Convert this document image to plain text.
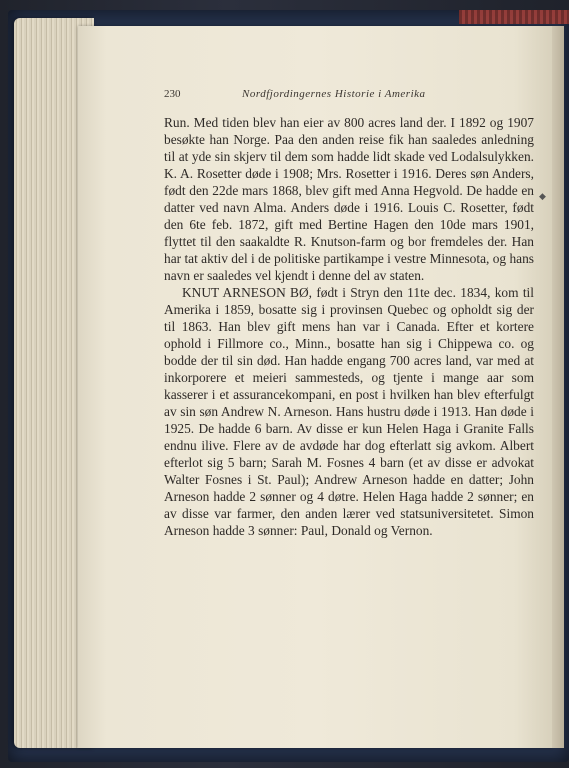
230	Nordfjordingernes Historie i Amerika

Run. Med tiden blev han eier av 800 acres land der. I 1892 og 1907 besøkte han Norge. Paa den anden reise fik han saaledes anledning til at yde sin skjerv til dem som hadde lidt skade ved Lodalsulykken. K. A. Rosetter døde i 1908; Mrs. Rosetter i 1916. Deres søn Anders, født den 22de mars 1868, blev gift med Anna Hegvold. De hadde en datter ved navn Alma. Anders døde i 1916. Louis C. Rosetter, født den 6te feb. 1872, gift med Bertine Hagen den 10de mars 1901, flyttet til den saakaldte R. Knutson-farm og bor fremdeles der. Han har tat aktiv del i de politiske partikampe i vestre Minnesota, og hans navn er saaledes vel kjendt i denne del av staten.

KNUT ARNESON BØ, født i Stryn den 11te dec. 1834, kom til Amerika i 1859, bosatte sig i provinsen Quebec og opholdt sig der til 1863. Han blev gift mens han var i Canada. Efter et kortere ophold i Fillmore co., Minn., bosatte han sig i Chippewa co. og bodde der til sin død. Han hadde engang 700 acres land, var med at inkorporere et meieri sammesteds, og tjente i mange aar som kasserer i et assurancekompani, en post i hvilken han blev efterfulgt av sin søn Andrew N. Arneson. Hans hustru døde i 1913. Han døde i 1925. De hadde 6 barn. Av disse er kun Helen Haga i Granite Falls endnu ilive. Flere av de avdøde har dog efterlatt sig avkom. Albert efterlot sig 5 barn; Sarah M. Fosnes 4 barn (et av disse er advokat Walter Fosnes i St. Paul); Andrew Arneson hadde en datter; John Arneson hadde 2 sønner og 4 døtre. Helen Haga hadde 2 sønner; en av disse var farmer, den anden lærer ved statsuniversitetet. Simon Arneson hadde 3 sønner: Paul, Donald og Vernon.

◆
